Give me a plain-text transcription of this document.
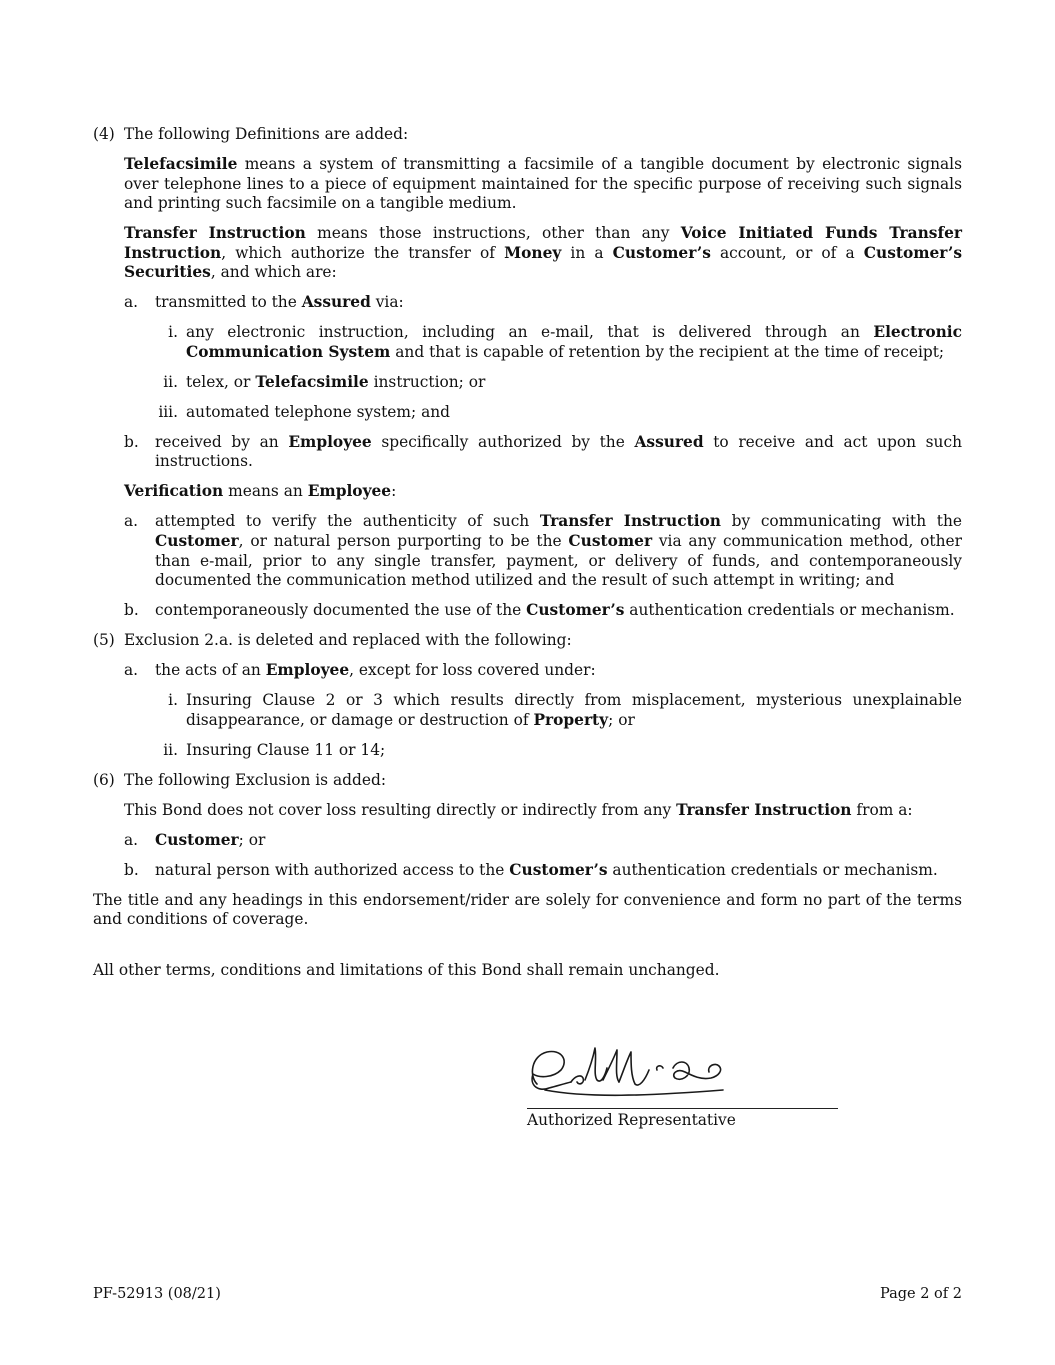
(4) The following Definitions are added:

Telefacsimile means a system of transmitting a facsimile of a tangible document by electronic signals over telephone lines to a piece of equipment maintained for the specific purpose of receiving such signals and printing such facsimile on a tangible medium.

Transfer Instruction means those instructions, other than any Voice Initiated Funds Transfer Instruction, which authorize the transfer of Money in a Customer’s account, or of a Customer’s Securities, and which are:

a.	transmitted to the Assured via:
i. any electronic instruction, including an e-mail, that is delivered through an Electronic Communication System and that is capable of retention by the recipient at the time of receipt;
ii. telex, or Telefacsimile instruction; or
iii. automated telephone system; and
b.	received by an Employee specifically authorized by the Assured to receive and act upon such instructions.

Verification means an Employee:

a.	attempted to verify the authenticity of such Transfer Instruction by communicating with the Customer, or natural person purporting to be the Customer via any communication method, other than e-mail, prior to any single transfer, payment, or delivery of funds, and contemporaneously documented the communication method utilized and the result of such attempt in writing; and
b.	contemporaneously documented the use of the Customer’s authentication credentials or mechanism.
(5) Exclusion 2.a. is deleted and replaced with the following:
a.	the acts of an Employee, except for loss covered under:
i. Insuring Clause 2 or 3 which results directly from misplacement, mysterious unexplainable disappearance, or damage or destruction of Property; or
ii. Insuring Clause 11 or 14;
(6) The following Exclusion is added:

This Bond does not cover loss resulting directly or indirectly from any Transfer Instruction from a:

a.	Customer; or
b.	natural person with authorized access to the Customer’s authentication credentials or mechanism.

The title and any headings in this endorsement/rider are solely for convenience and form no part of the terms and conditions of coverage.

All other terms, conditions and limitations of this Bond shall remain unchanged.

Authorized Representative
PF-52913 (08/21)	Page 2 of 2
